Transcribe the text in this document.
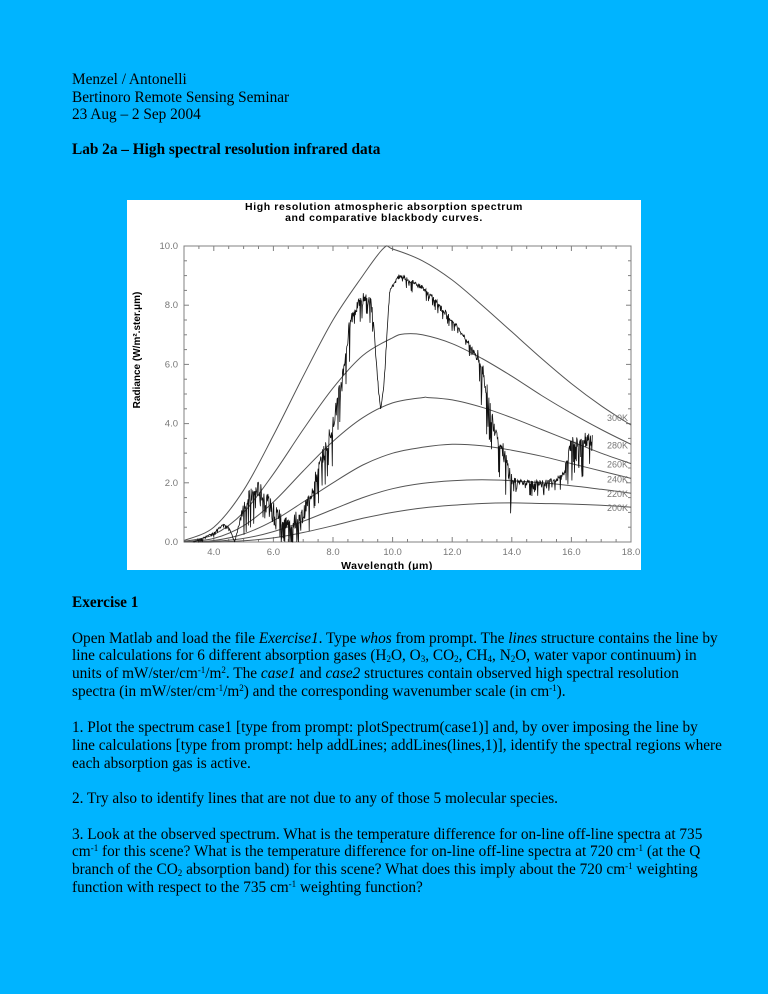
Menzel / Antonelli
Bertinoro Remote Sensing Seminar
23 Aug – 2 Sep 2004
Lab 2a – High spectral resolution infrared data
High resolution atmospheric absorption spectrum
and comparative blackbody curves.
4.0	6.0	8.0	10.0	12.0	14.0	16.0	18.0
0.0
2.0
4.0
6.0
8.0
10.0
300K
280K
260K
240K
220K
200K
Radiance (W/m².ster.μm)
Wavelength (μm)
Exercise 1
Open Matlab and load the file Exercise1. Type whos from prompt. The lines structure contains the line by line calculations for 6 different absorption gases ($H_2O$, $O_3$, $CO_2$, $CH_4$, $N_2O$, water vapor continuum) in units of $mW/ster/cm^{-1}/m^2$. The case1 and case2 structures contain observed high spectral resolution spectra (in $mW/ster/cm^{-1}/m^2$) and the corresponding wavenumber scale (in $cm^{-1}$).
1. Plot the spectrum case1 [type from prompt: plotSpectrum(case1)] and, by over imposing the line by line calculations [type from prompt: help addLines; addLines(lines,1)], identify the spectral regions where each absorption gas is active.
2. Try also to identify lines that are not due to any of those 5 molecular species.
3. Look at the observed spectrum. What is the temperature difference for on-line off-line spectra at 735 $cm^{-1}$ for this scene? What is the temperature difference for on-line off-line spectra at 720 $cm^{-1}$ (at the Q branch of the $CO_2$ absorption band) for this scene? What does this imply about the 720 $cm^{-1}$ weighting function with respect to the 735 $cm^{-1}$ weighting function?
